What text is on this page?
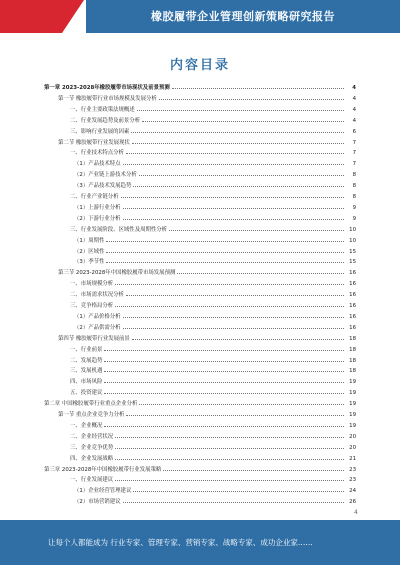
橡胶履带企业管理创新策略研究报告
内容目录
第一章 2023-2028年橡胶履带市场现状及前景预测	4
第一节 橡胶履带行业市场规模及发展分析	4
一、行业主要政策法规概述	4
二、行业发展趋势及前景分析	4
三、影响行业发展的因素	6
第二节 橡胶履带行业发展现状	7
一、行业技术特点分析	7
（1）产品技术特点	7
（2）产业链上游技术分析	8
（3）产品技术发展趋势	8
二、行业产业链分析	8
（1）上游行业分析	9
（2）下游行业分析	9
三、行业发展阶段、区域性及周期性分析	10
（1）周期性	10
（2）区域性	15
（3）季节性	15
第三节 2023-2028年中国橡胶履带市场发展预测	16
一、市场规模分析	16
二、市场需求状况分析	16
三、竞争格局分析	16
（1）产品价格分析	16
（2）产品供需分析	16
第四节 橡胶履带行业发展前景	18
一、行业前景	18
二、发展趋势	18
三、发展机遇	18
四、市场风险	19
五、投资建议	19
第二章 中国橡胶履带行业重点企业分析	19
第一节 重点企业竞争力分析	19
一、企业概况	19
二、企业经营状况	20
三、企业竞争优势	20
四、企业发展战略	21
第三章 2023-2028年中国橡胶履带行业发展策略	23
一、行业发展建议	23
（1）企业经营管理建议	24
（2）市场营销建议	26
4
让每个人都能成为 行业专家、管理专家、营销专家、战略专家、成功企业家……
